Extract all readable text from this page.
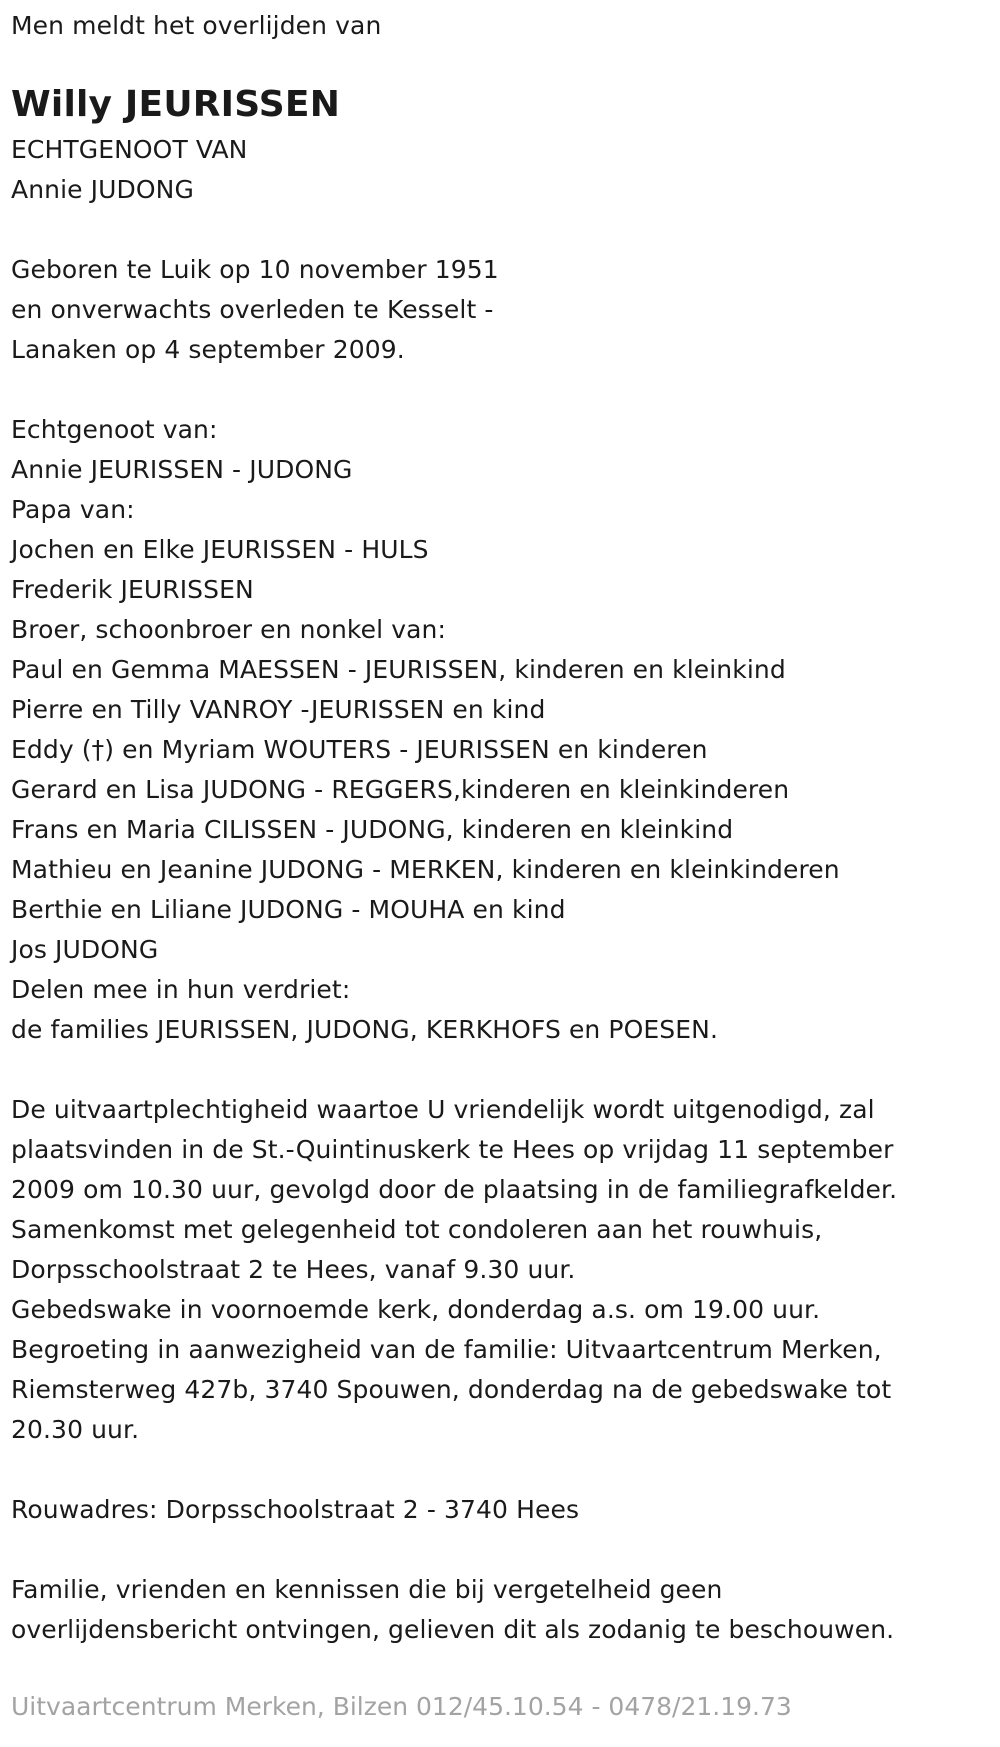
Men meldt het overlijden van
Willy JEURISSEN
ECHTGENOOT VAN
Annie JUDONG
Geboren te Luik op 10 november 1951
en onverwachts overleden te Kesselt -
Lanaken op 4 september 2009.
Echtgenoot van:
Annie JEURISSEN - JUDONG
Papa van:
Jochen en Elke JEURISSEN - HULS
Frederik JEURISSEN
Broer, schoonbroer en nonkel van:
Paul en Gemma MAESSEN - JEURISSEN, kinderen en kleinkind
Pierre en Tilly VANROY -JEURISSEN en kind
Eddy (†) en Myriam WOUTERS - JEURISSEN en kinderen
Gerard en Lisa JUDONG - REGGERS,kinderen en kleinkinderen
Frans en Maria CILISSEN - JUDONG, kinderen en kleinkind
Mathieu en Jeanine JUDONG - MERKEN, kinderen en kleinkinderen
Berthie en Liliane JUDONG - MOUHA en kind
Jos JUDONG
Delen mee in hun verdriet:
de families JEURISSEN, JUDONG, KERKHOFS en POESEN.
De uitvaartplechtigheid waartoe U vriendelijk wordt uitgenodigd, zal
plaatsvinden in de St.-Quintinuskerk te Hees op vrijdag 11 september
2009 om 10.30 uur, gevolgd door de plaatsing in de familiegrafkelder.
Samenkomst met gelegenheid tot condoleren aan het rouwhuis,
Dorpsschoolstraat 2 te Hees, vanaf 9.30 uur.
Gebedswake in voornoemde kerk, donderdag a.s. om 19.00 uur.
Begroeting in aanwezigheid van de familie: Uitvaartcentrum Merken,
Riemsterweg 427b, 3740 Spouwen, donderdag na de gebedswake tot
20.30 uur.
Rouwadres: Dorpsschoolstraat 2 - 3740 Hees
Familie, vrienden en kennissen die bij vergetelheid geen
overlijdensbericht ontvingen, gelieven dit als zodanig te beschouwen.
Uitvaartcentrum Merken, Bilzen 012/45.10.54 - 0478/21.19.73
